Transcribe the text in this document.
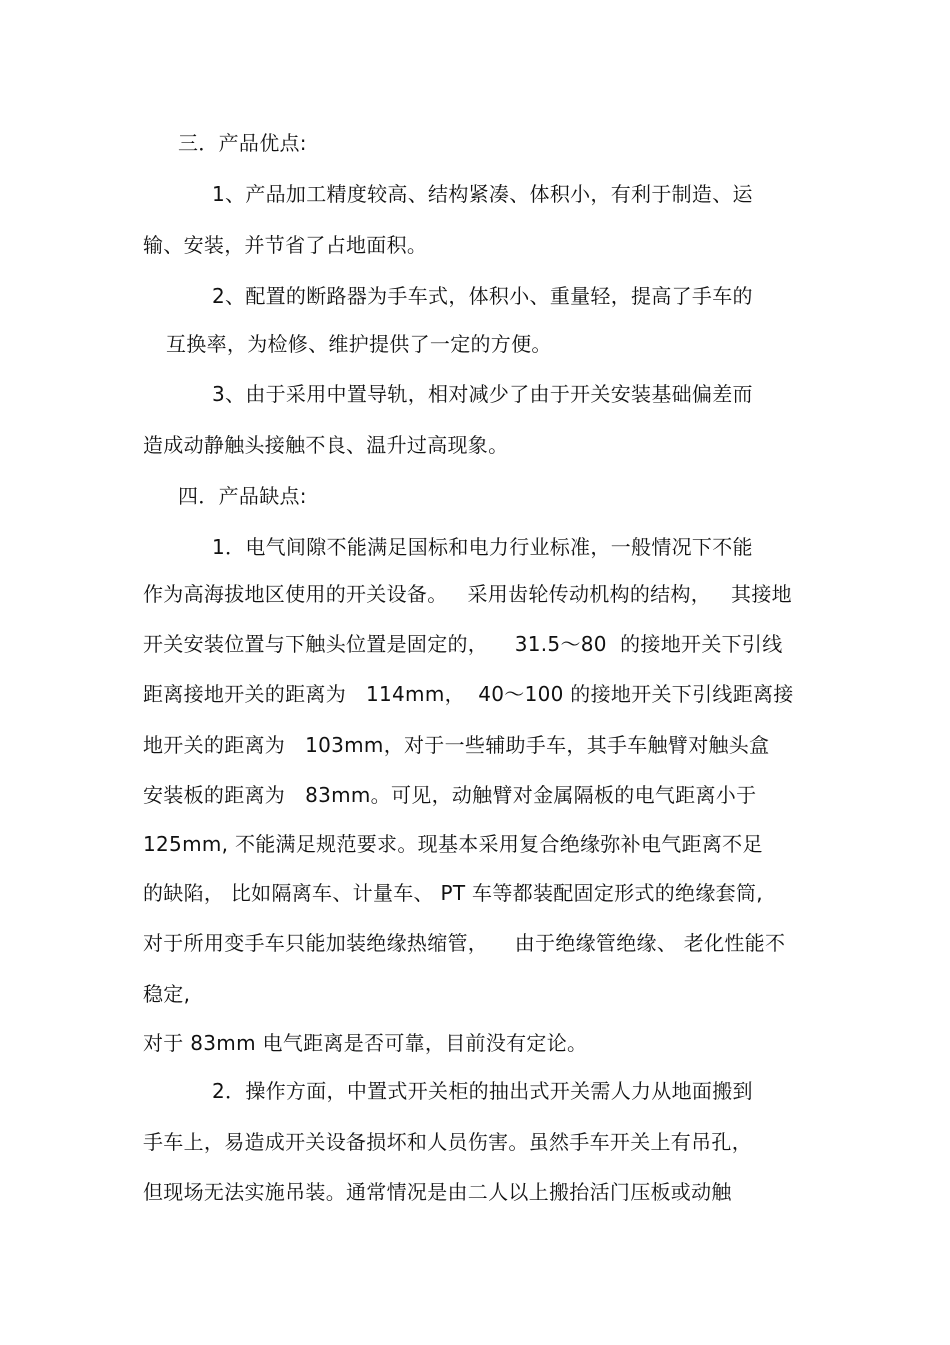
三．产品优点:
1、产品加工精度较高、结构紧凑、体积小，有利于制造、运
输、安装，并节省了占地面积。
2、配置的断路器为手车式，体积小、重量轻，提高了手车的
互换率，为检修、维护提供了一定的方便。
3、由于采用中置导轨，相对减少了由于开关安装基础偏差而
造成动静触头接触不良、温升过高现象。
四．产品缺点:
1．电气间隙不能满足国标和电力行业标准，一般情况下不能
作为高海拔地区使用的开关设备。   采用齿轮传动机构的结构，   其接地
开关安装位置与下触头位置是固定的，    31.5～80  的接地开关下引线
距离接地开关的距离为   114mm，  40～100 的接地开关下引线距离接
地开关的距离为   103mm，对于一些辅助手车，其手车触臂对触头盒
安装板的距离为   83mm。可见，动触臂对金属隔板的电气距离小于
125mm, 不能满足规范要求。现基本采用复合绝缘弥补电气距离不足
的缺陷， 比如隔离车、计量车、 PT 车等都装配固定形式的绝缘套筒,
对于所用变手车只能加装绝缘热缩管，    由于绝缘管绝缘、 老化性能不
稳定,
对于 83mm 电气距离是否可靠，目前没有定论。
2．操作方面，中置式开关柜的抽出式开关需人力从地面搬到
手车上，易造成开关设备损坏和人员伤害。虽然手车开关上有吊孔，
但现场无法实施吊装。通常情况是由二人以上搬抬活门压板或动触
